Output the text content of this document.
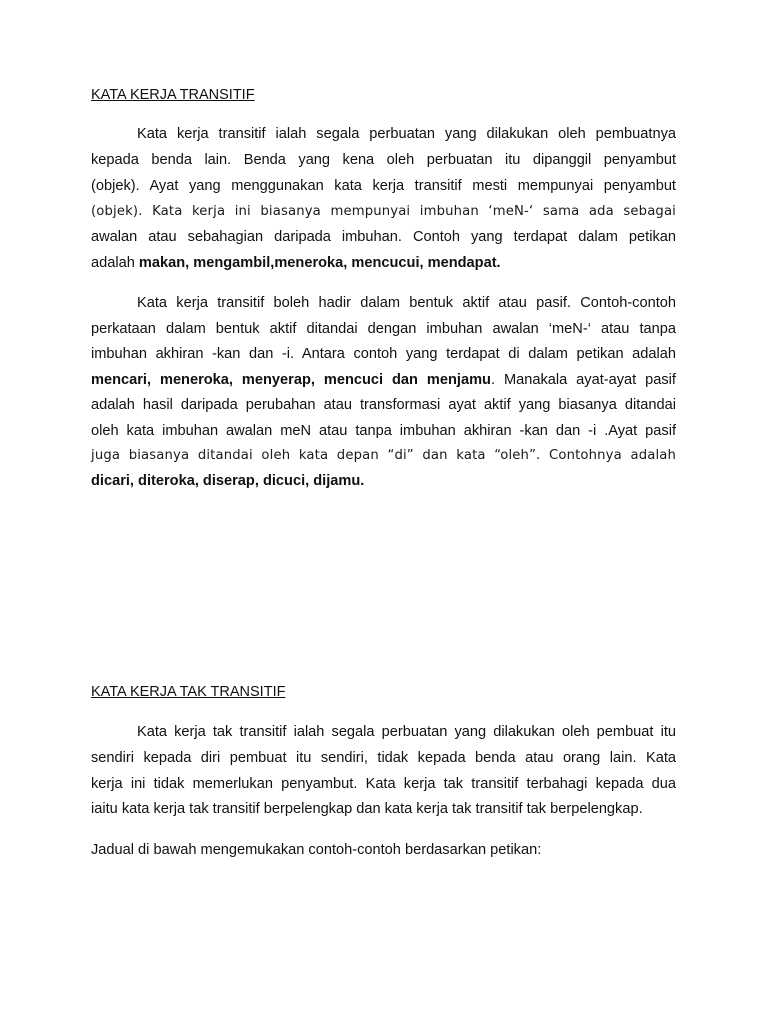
KATA KERJA TRANSITIF
Kata kerja transitif ialah segala perbuatan yang dilakukan oleh pembuatnya
kepada benda lain. Benda yang kena oleh perbuatan itu dipanggil penyambut
(objek). Ayat yang menggunakan kata kerja transitif mesti mempunyai penyambut
(objek). Kata kerja ini biasanya mempunyai imbuhan ‘meN-‘ sama ada sebagai
awalan atau sebahagian daripada imbuhan. Contoh yang terdapat dalam petikan
adalah makan, mengambil,meneroka, mencucui, mendapat.
Kata kerja transitif boleh hadir dalam bentuk aktif atau pasif. Contoh-contoh
perkataan dalam bentuk aktif ditandai dengan imbuhan awalan ‘meN-‘ atau tanpa
imbuhan akhiran -kan dan -i. Antara contoh yang terdapat di dalam petikan adalah
mencari, meneroka, menyerap, mencuci dan menjamu. Manakala ayat-ayat pasif
adalah hasil daripada perubahan atau transformasi ayat aktif yang biasanya ditandai
oleh kata imbuhan awalan meN atau tanpa imbuhan akhiran -kan dan -i .Ayat pasif
juga biasanya ditandai oleh kata depan “di” dan kata “oleh”. Contohnya adalah
dicari, diteroka, diserap, dicuci, dijamu.
KATA KERJA TAK TRANSITIF
Kata kerja tak transitif ialah segala perbuatan yang dilakukan oleh pembuat itu
sendiri kepada diri pembuat itu sendiri, tidak kepada benda atau orang lain. Kata
kerja ini tidak memerlukan penyambut. Kata kerja tak transitif terbahagi kepada dua
iaitu kata kerja tak transitif berpelengkap dan kata kerja tak transitif tak berpelengkap.
Jadual di bawah mengemukakan contoh-contoh berdasarkan petikan:
